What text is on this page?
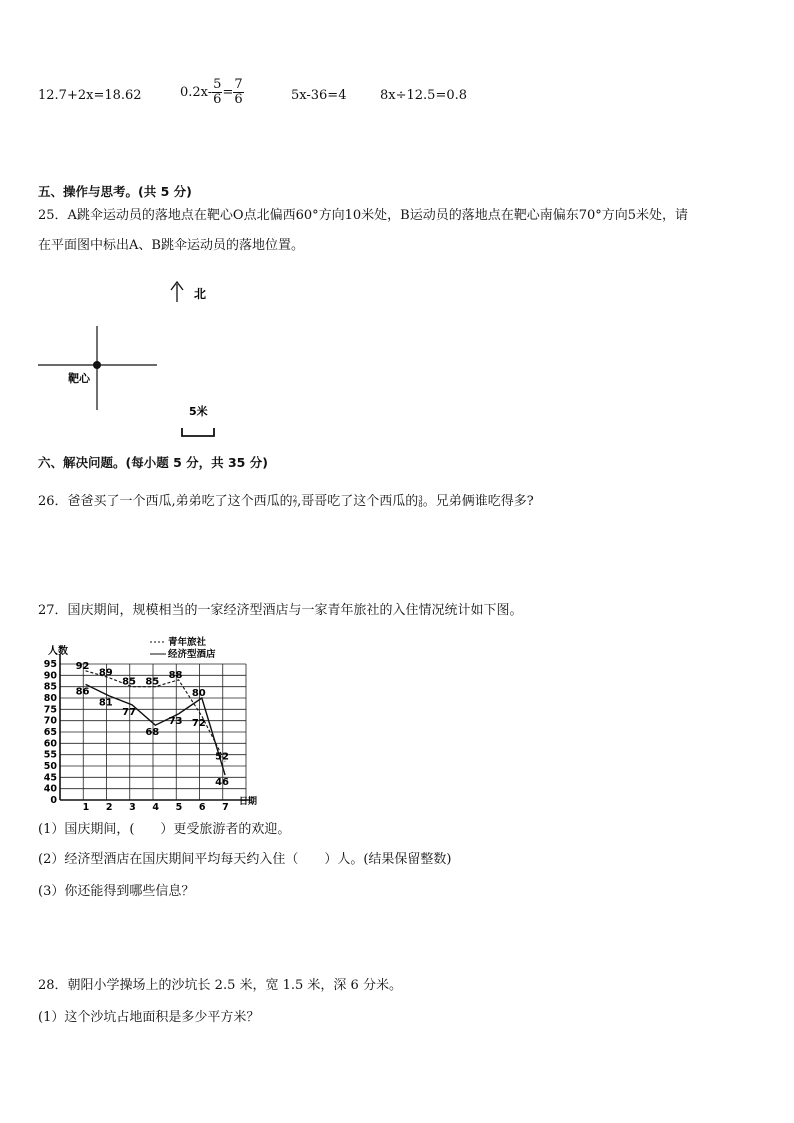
12.7+2x=18.62	$0.2x- \frac{5}{6} = \frac{7}{6}$	5x-36=4	8x÷12.5=0.8
五、操作与思考。(共 5 分)
25．A跳伞运动员的落地点在靶心O点北偏西60°方向10米处，B运动员的落地点在靶心南偏东70°方向5米处，请
在平面图中标出A、B跳伞运动员的落地位置。
北
靶心
5米
六、解决问题。(每小题 5 分，共 35 分)
26．爸爸买了一个西瓜,弟弟吃了这个西瓜的 2
7 ,哥哥吃了这个西瓜的 3
8 。兄弟俩谁吃得多?
27．国庆期间，规模相当的一家经济型酒店与一家青年旅社的入住情况统计如下图。
95
90
85
80
75
70
65
60
55
50
45
40
0
1 2 3 4 5 6 7
92
89
85 85
88
72
52
86
81
77
68
73
80
46
青年旅社
经济型酒店
人数
日期
(1）国庆期间，(　　）更受旅游者的欢迎。
(2）经济型酒店在国庆期间平均每天约入住（　　）人。(结果保留整数)
(3）你还能得到哪些信息？
28．朝阳小学操场上的沙坑长 2.5 米，宽 1.5 米，深 6 分米。
(1）这个沙坑占地面积是多少平方米？
